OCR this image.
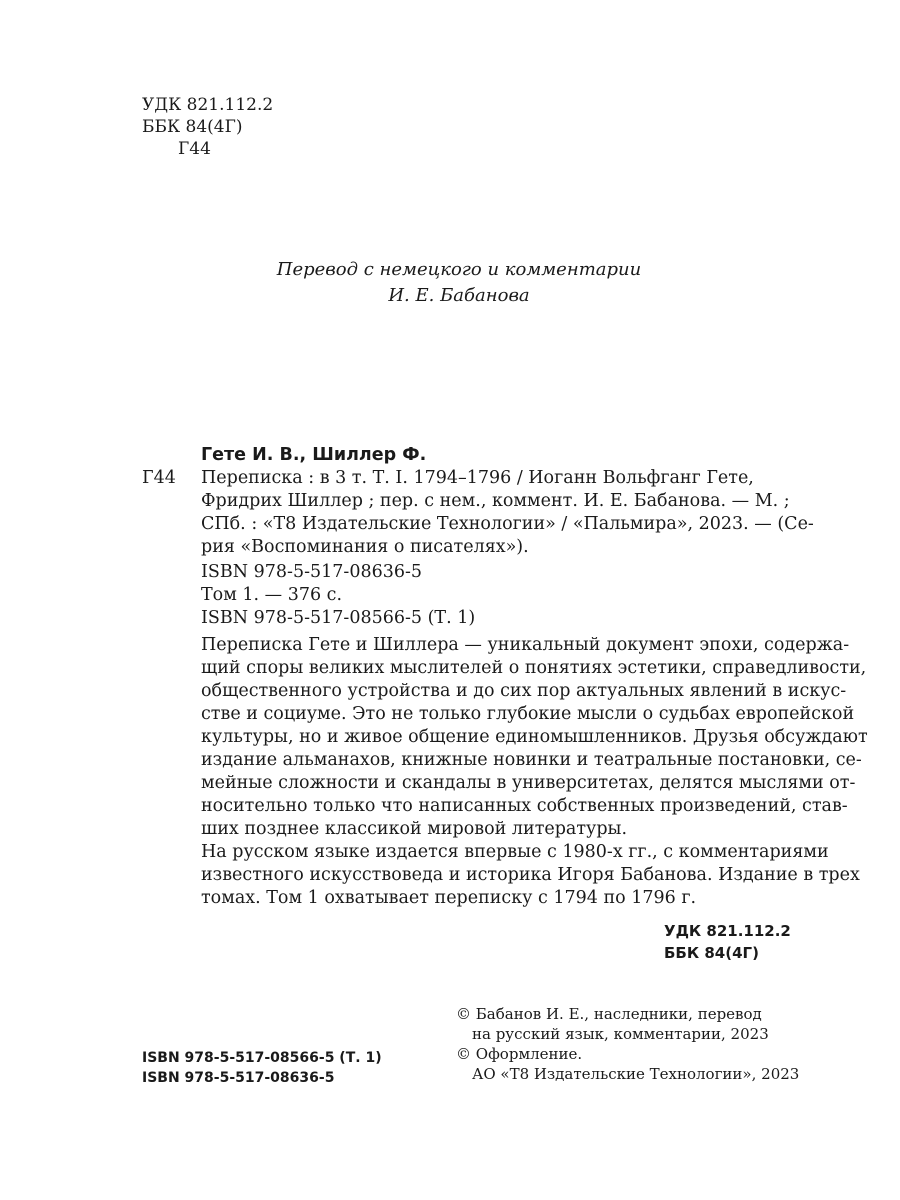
УДК 821.112.2
ББК 84(4Г)
Г44
Перевод с немецкого и комментарии
И. Е. Бабанова
Гете И. В., Шиллер Ф.
Г44 Переписка : в 3 т. Т. I. 1794–1796 / Иоганн Вольфганг Гете,
Фридрих Шиллер ; пер. с нем., коммент. И. Е. Бабанова. — М. ;
СПб. : «Т8 Издательские Технологии» / «Пальмира», 2023. — (Се-
рия «Воспоминания о писателях»).
ISBN 978-5-517-08636-5
Том 1. — 376 с.
ISBN 978-5-517-08566-5 (Т. 1)
Переписка Гете и Шиллера — уникальный документ эпохи, содержа-
щий споры великих мыслителей о понятиях эстетики, справедливости,
общественного устройства и до сих пор актуальных явлений в искус-
стве и социуме. Это не только глубокие мысли о судьбах европейской
культуры, но и живое общение единомышленников. Друзья обсуждают
издание альманахов, книжные новинки и театральные постановки, се-
мейные сложности и скандалы в университетах, делятся мыслями от-
носительно только что написанных собственных произведений, став-
ших позднее классикой мировой литературы.
На русском языке издается впервые с 1980-х гг., с комментариями
известного искусствоведа и историка Игоря Бабанова. Издание в трех
томах. Том 1 охватывает переписку с 1794 по 1796 г.
УДК 821.112.2
ББК 84(4Г)
© Бабанов И. Е., наследники, перевод
на русский язык, комментарии, 2023
© Оформление.
АО «Т8 Издательские Технологии», 2023
ISBN 978-5-517-08566-5 (Т. 1)
ISBN 978-5-517-08636-5
